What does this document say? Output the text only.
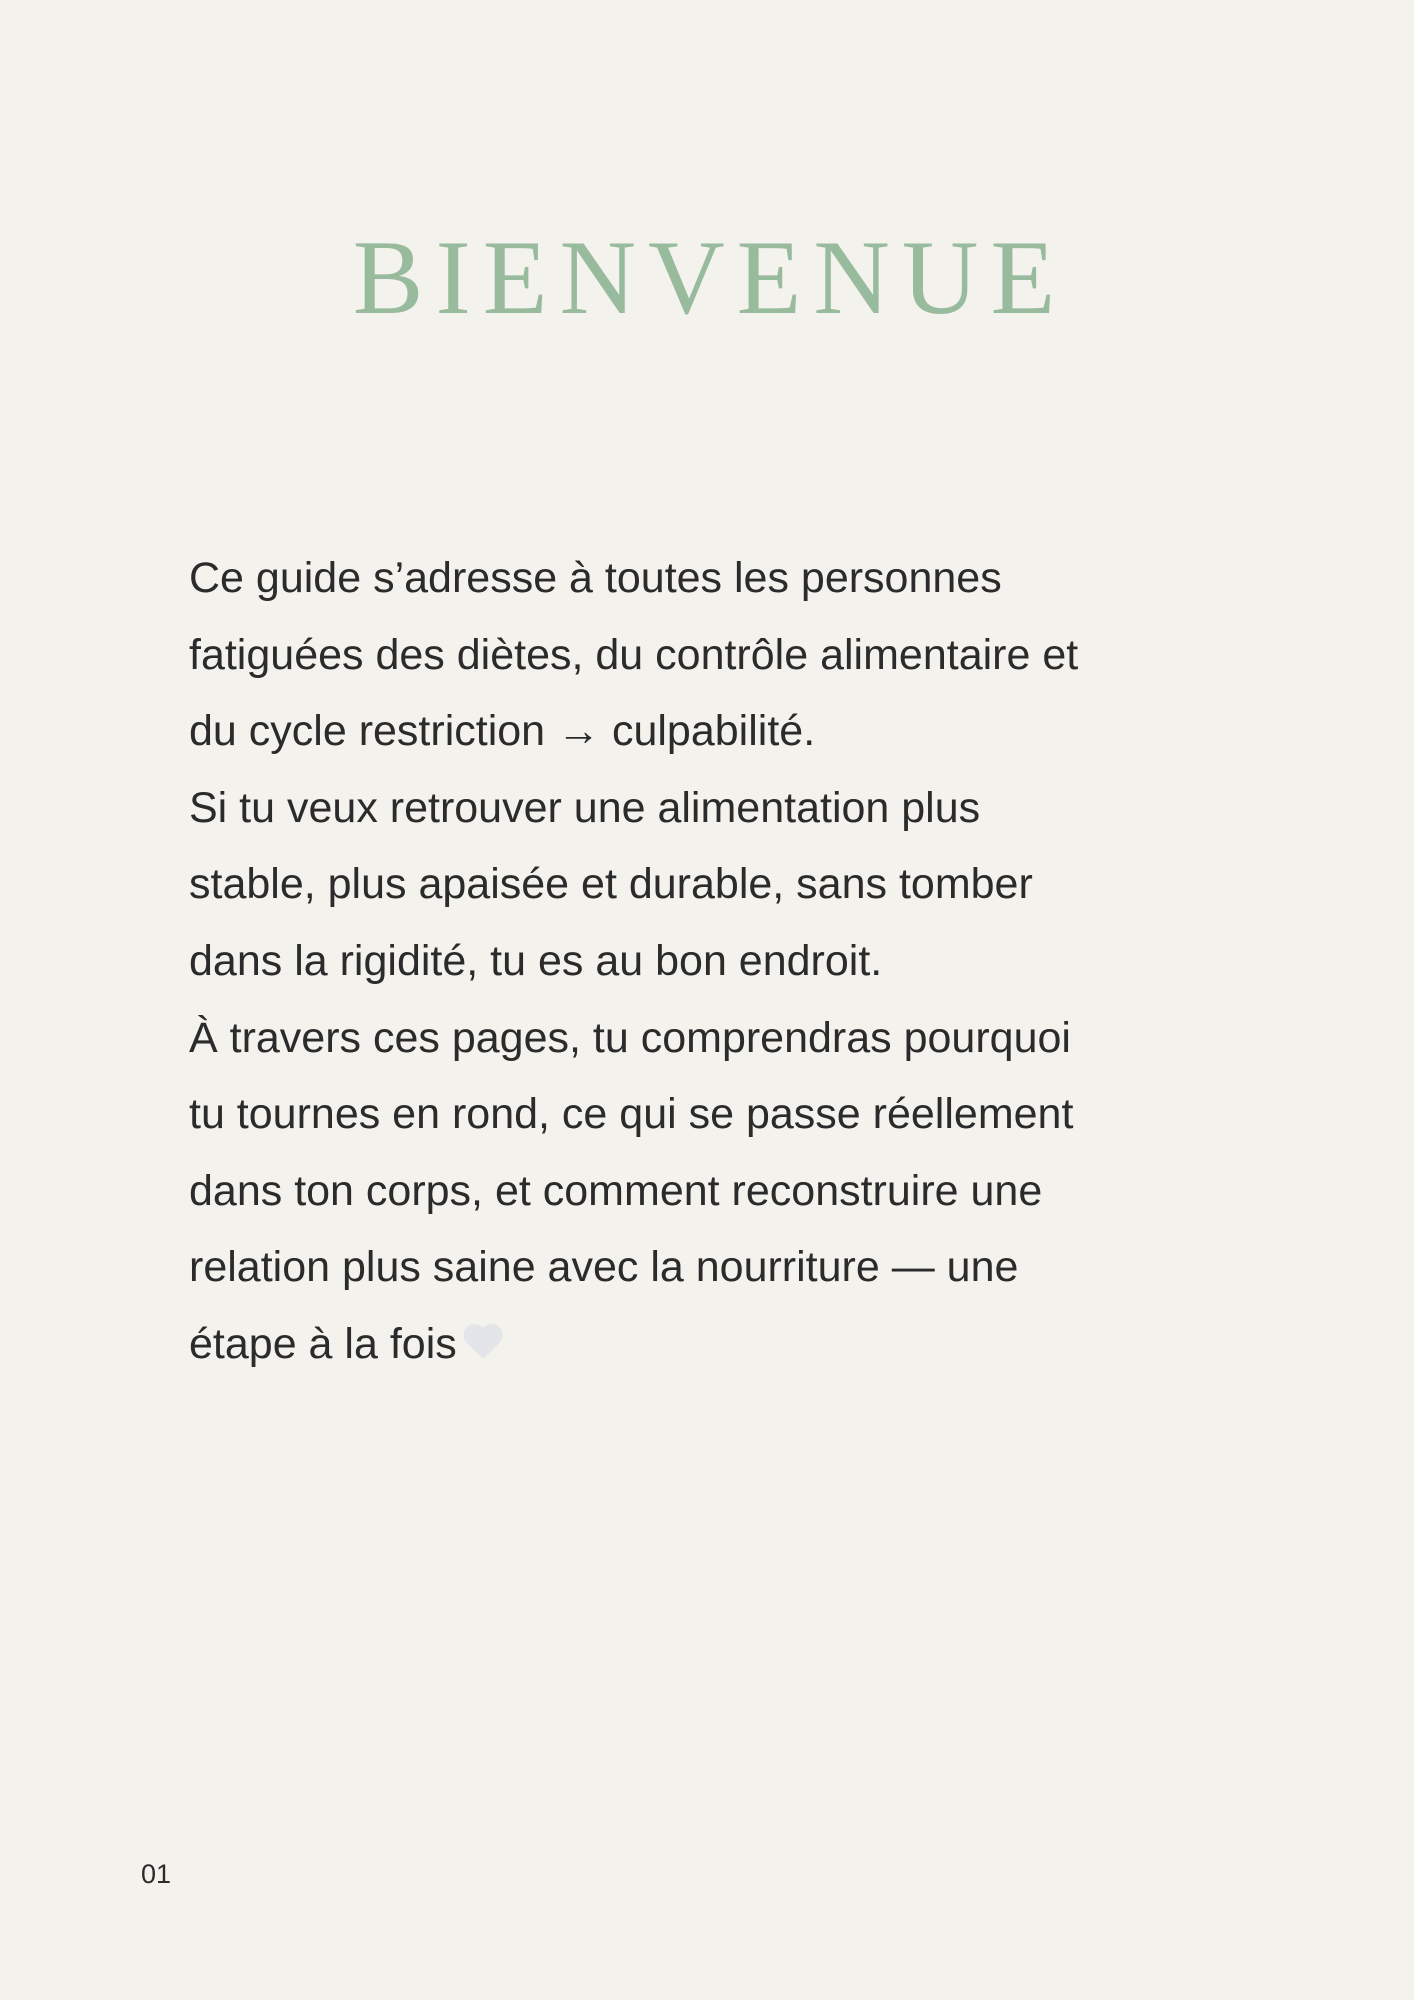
BIENVENUE
Ce guide s’adresse à toutes les personnes
fatiguées des diètes, du contrôle alimentaire et
du cycle restriction → culpabilité.
Si tu veux retrouver une alimentation plus
stable, plus apaisée et durable, sans tomber
dans la rigidité, tu es au bon endroit.
À travers ces pages, tu comprendras pourquoi
tu tournes en rond, ce qui se passe réellement
dans ton corps, et comment reconstruire une
relation plus saine avec la nourriture — une
étape à la fois
01
